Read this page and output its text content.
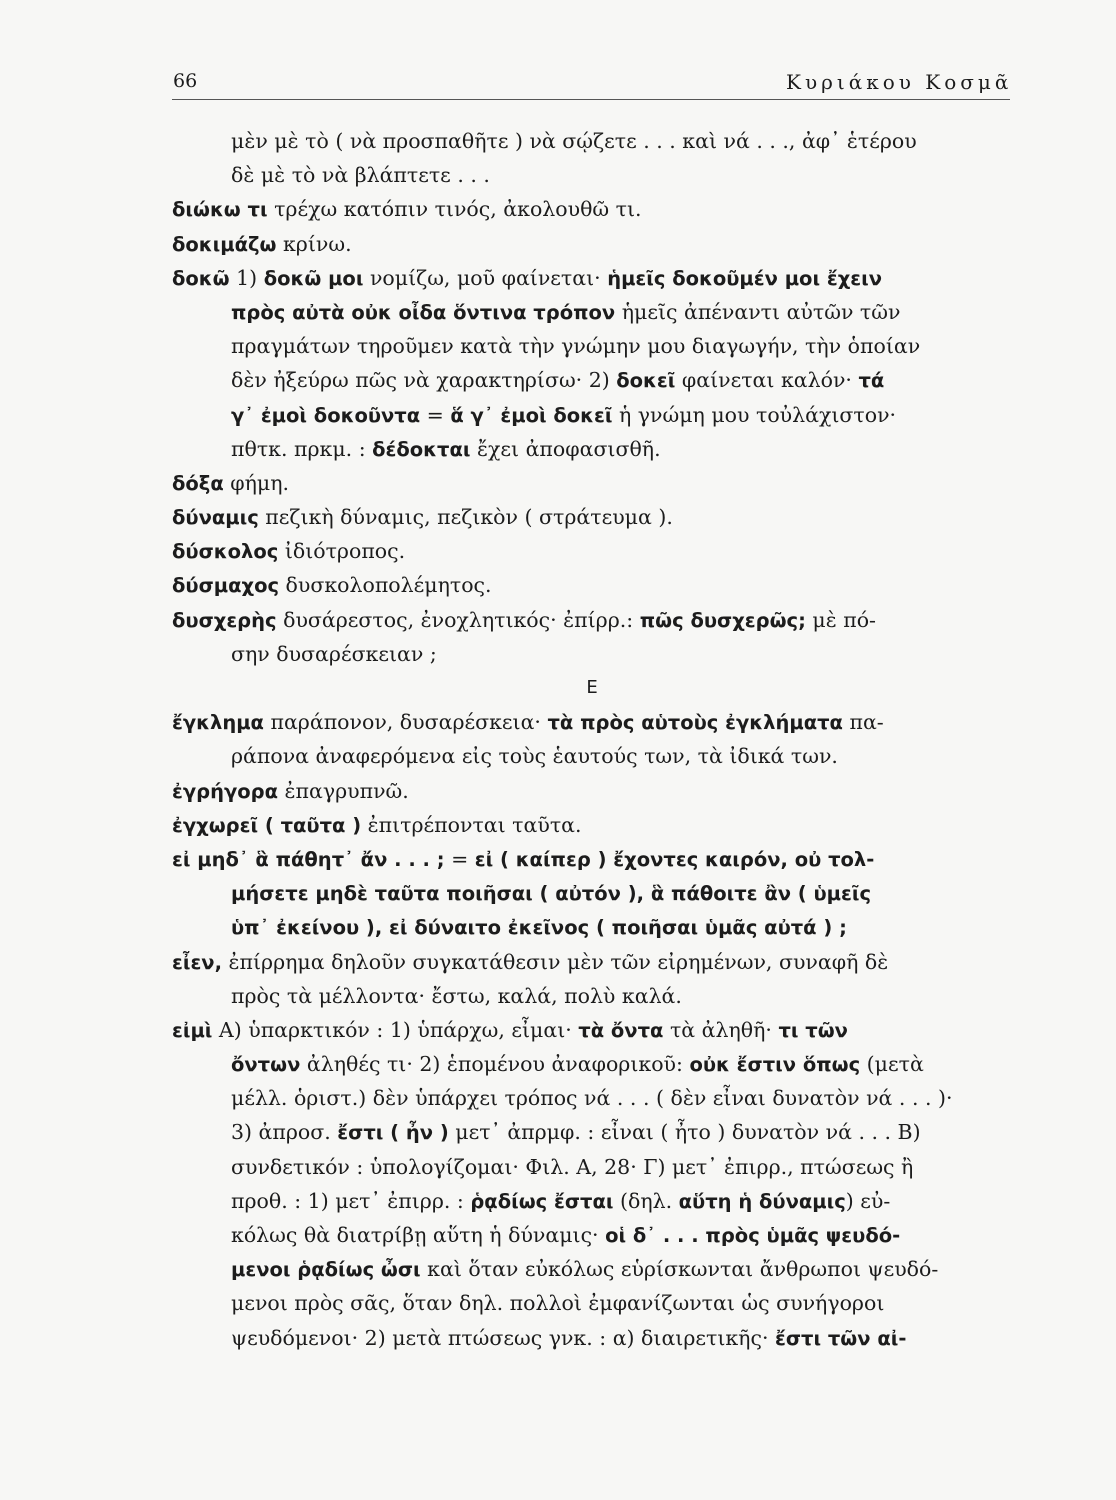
66	Κυριάκου Κοσμᾶ
μὲν μὲ τὸ ( νὰ προσπαθῆτε ) νὰ σῴζετε . . . καὶ νά . . ., ἀφ᾽ ἑτέρου
δὲ μὲ τὸ νὰ βλάπτετε . . .
διώκω τι τρέχω κατόπιν τινός, ἀκολουθῶ τι.
δοκιμάζω κρίνω.
δοκῶ 1) δοκῶ μοι νομίζω, μοῦ φαίνεται· ἡμεῖς δοκοῦμέν μοι ἔχειν
πρὸς αὐτὰ οὐκ οἶδα ὅντινα τρόπον ἡμεῖς ἀπέναντι αὐτῶν τῶν
πραγμάτων τηροῦμεν κατὰ τὴν γνώμην μου διαγωγήν, τὴν ὁποίαν
δὲν ἠξεύρω πῶς νὰ χαρακτηρίσω· 2) δοκεῖ φαίνεται καλόν· τά
γ᾽ ἐμοὶ δοκοῦντα = ἅ γ᾽ ἐμοὶ δοκεῖ ἡ γνώμη μου τοὐλάχιστον·
πθτκ. πρκμ. : δέδοκται ἔχει ἀποφασισθῆ.
δόξα φήμη.
δύναμις πεζικὴ δύναμις, πεζικὸν ( στράτευμα ).
δύσκολος ἰδιότροπος.
δύσμαχος δυσκολοπολέμητος.
δυσχερὴς δυσάρεστος, ἐνοχλητικός· ἐπίρρ.: πῶς δυσχερῶς; μὲ πό-
σην δυσαρέσκειαν ;
Ε
ἔγκλημα παράπονον, δυσαρέσκεια· τὰ πρὸς αὑτοὺς ἐγκλήματα πα-
ράπονα ἀναφερόμενα εἰς τοὺς ἑαυτούς των, τὰ ἰδικά των.
ἐγρήγορα ἐπαγρυπνῶ.
ἐγχωρεῖ ( ταῦτα ) ἐπιτρέπονται ταῦτα.
εἰ μηδ᾽ ἃ πάθητ᾽ ἄν . . . ; = εἰ ( καίπερ ) ἔχοντες καιρόν, οὐ τολ-
μήσετε μηδὲ ταῦτα ποιῆσαι ( αὐτόν ), ἃ πάθοιτε ἂν ( ὑμεῖς
ὑπ᾽ ἐκείνου ), εἰ δύναιτο ἐκεῖνος ( ποιῆσαι ὑμᾶς αὐτά ) ;
εἶεν, ἐπίρρημα δηλοῦν συγκατάθεσιν μὲν τῶν εἰρημένων, συναφῆ δὲ
πρὸς τὰ μέλλοντα· ἔστω, καλά, πολὺ καλά.
εἰμὶ Α) ὑπαρκτικόν : 1) ὑπάρχω, εἶμαι· τὰ ὄντα τὰ ἀληθῆ· τι τῶν
ὄντων ἀληθές τι· 2) ἑπομένου ἀναφορικοῦ: οὐκ ἔστιν ὅπως (μετὰ
μέλλ. ὁριστ.) δὲν ὑπάρχει τρόπος νά . . . ( δὲν εἶναι δυνατὸν νά . . . )·
3) ἀπροσ. ἔστι ( ἦν ) μετ᾽ ἀπρμφ. : εἶναι ( ἦτο ) δυνατὸν νά . . . Β)
συνδετικόν : ὑπολογίζομαι· Φιλ. Α, 28· Γ) μετ᾽ ἐπιρρ., πτώσεως ἢ
προθ. : 1) μετ᾽ ἐπιρρ. : ῥᾳδίως ἔσται (δηλ. αὕτη ἡ δύναμις) εὐ-
κόλως θὰ διατρίβῃ αὕτη ἡ δύναμις· οἱ δ᾽ . . . πρὸς ὑμᾶς ψευδό-
μενοι ῥᾳδίως ὦσι καὶ ὅταν εὐκόλως εὑρίσκωνται ἄνθρωποι ψευδό-
μενοι πρὸς σᾶς, ὅταν δηλ. πολλοὶ ἐμφανίζωνται ὡς συνήγοροι
ψευδόμενοι· 2) μετὰ πτώσεως γνκ. : α) διαιρετικῆς· ἔστι τῶν αἰ-
